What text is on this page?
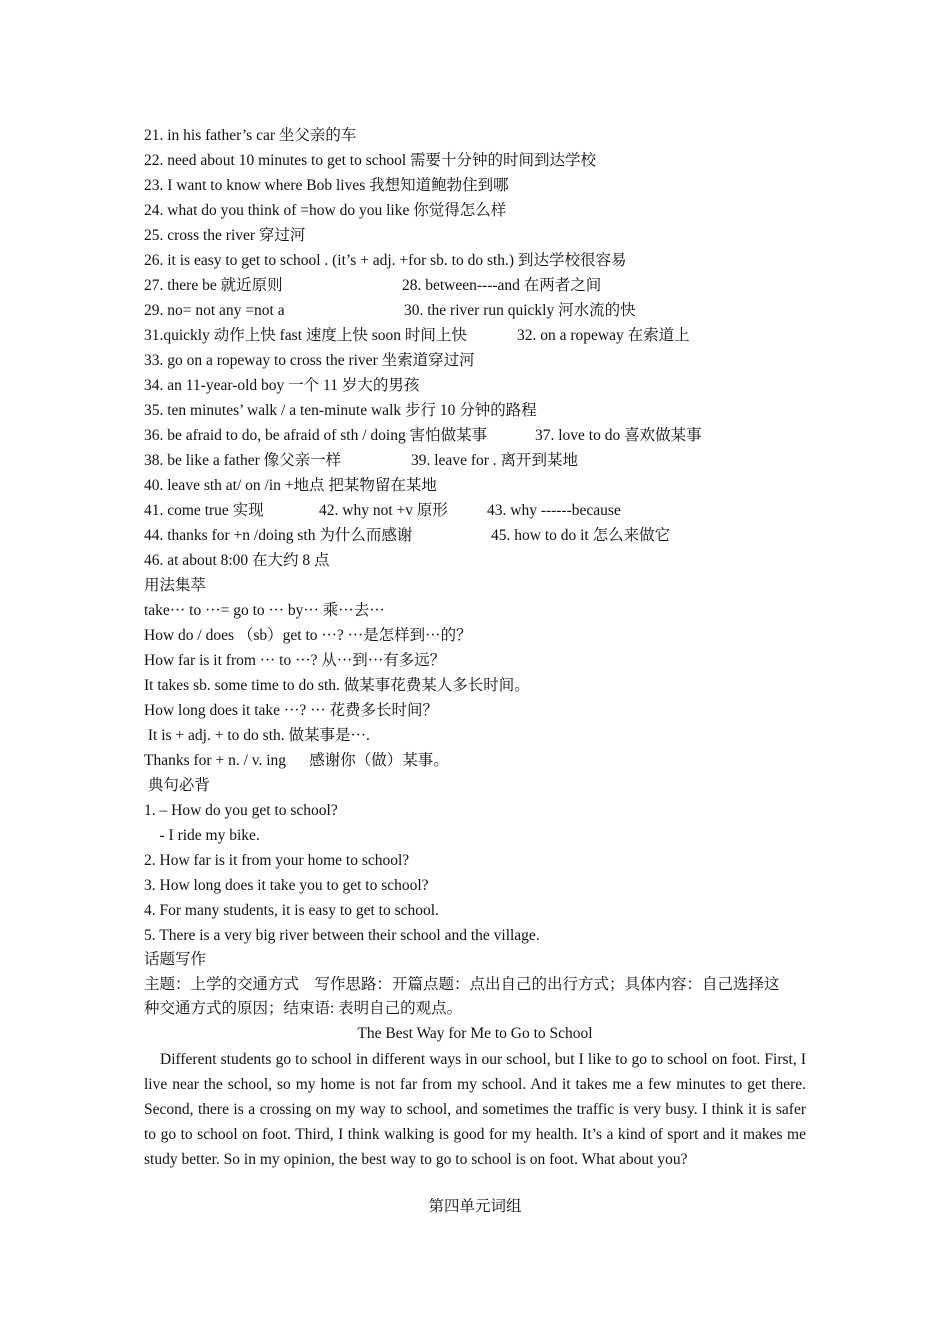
21. in his father’s car 坐父亲的车
22. need about 10 minutes to get to school 需要十分钟的时间到达学校
23. I want to know where Bob lives 我想知道鲍勃住到哪
24. what do you think of =how do you like 你觉得怎么样
25. cross the river 穿过河
26. it is easy to get to school . (it’s + adj. +for sb. to do sth.) 到达学校很容易
27. there be 就近原则	28. between----and 在两者之间
29. no= not any =not a	30. the river run quickly 河水流的快
31.quickly 动作上快 fast 速度上快 soon 时间上快	32. on a ropeway 在索道上
33. go on a ropeway to cross the river 坐索道穿过河
34. an 11-year-old boy 一个 11 岁大的男孩
35. ten minutes’ walk / a ten-minute walk 步行 10 分钟的路程
36. be afraid to do, be afraid of sth / doing 害怕做某事	37. love to do 喜欢做某事
38. be like a father 像父亲一样	39. leave for . 离开到某地
40. leave sth at/ on /in +地点 把某物留在某地
41. come true 实现	42. why not +v 原形	43. why ------because
44. thanks for +n /doing sth 为什么而感谢	45. how to do it 怎么来做它
46. at about 8:00 在大约 8 点
用法集萃
take··· to ···= go to ··· by··· 乘···去···
How do / does （sb）get to ···? ···是怎样到···的？
How far is it from ··· to ···? 从···到···有多远？
It takes sb. some time to do sth. 做某事花费某人多长时间。
How long does it take ···? ··· 花费多长时间？
It is + adj. + to do sth. 做某事是···.
Thanks for + n. / v. ing      感谢你（做）某事。
典句必背
1. – How do you get to school?
- I ride my bike.
2. How far is it from your home to school?
3. How long does it take you to get to school?
4. For many students, it is easy to get to school.
5. There is a very big river between their school and the village.
话题写作
主题：上学的交通方式    写作思路：开篇点题：点出自己的出行方式；具体内容：自己选择这
种交通方式的原因；结束语: 表明自己的观点。
The Best Way for Me to Go to School
Different students go to school in different ways in our school, but I like to go to school on foot. First, I live near the school, so my home is not far from my school. And it takes me a few minutes to get there. Second, there is a crossing on my way to school, and sometimes the traffic is very busy. I think it is safer to go to school on foot. Third, I think walking is good for my health. It’s a kind of sport and it makes me study better. So in my opinion, the best way to go to school is on foot. What about you?
第四单元词组
